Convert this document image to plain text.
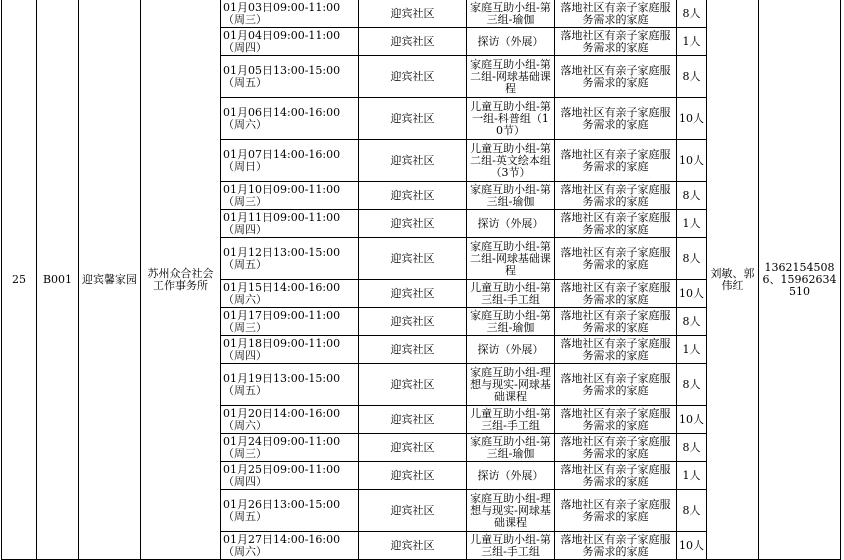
25	B001	迎宾馨家园	苏州众合社会工作事务所	01月03日09:00-11:00（周三）	迎宾社区	家庭互助小组-第三组-瑜伽	落地社区有亲子家庭服务需求的家庭	8人	刘敏、郭伟红	13621545086、15962634510
				01月04日09:00-11:00（周四）	迎宾社区	探访（外展）	落地社区有亲子家庭服务需求的家庭	1人		
				01月05日13:00-15:00（周五）	迎宾社区	家庭互助小组-第二组-网球基础课程	落地社区有亲子家庭服务需求的家庭	8人		
				01月06日14:00-16:00（周六）	迎宾社区	儿童互助小组-第一组-科普组（10节）	落地社区有亲子家庭服务需求的家庭	10人		
				01月07日14:00-16:00（周日）	迎宾社区	儿童互助小组-第二组-英文绘本组（3节）	落地社区有亲子家庭服务需求的家庭	10人		
				01月10日09:00-11:00（周三）	迎宾社区	家庭互助小组-第三组-瑜伽	落地社区有亲子家庭服务需求的家庭	8人		
				01月11日09:00-11:00（周四）	迎宾社区	探访（外展）	落地社区有亲子家庭服务需求的家庭	1人		
				01月12日13:00-15:00（周五）	迎宾社区	家庭互助小组-第二组-网球基础课程	落地社区有亲子家庭服务需求的家庭	8人		
				01月15日14:00-16:00（周六）	迎宾社区	儿童互助小组-第三组-手工组	落地社区有亲子家庭服务需求的家庭	10人		
				01月17日09:00-11:00（周三）	迎宾社区	家庭互助小组-第三组-瑜伽	落地社区有亲子家庭服务需求的家庭	8人		
				01月18日09:00-11:00（周四）	迎宾社区	探访（外展）	落地社区有亲子家庭服务需求的家庭	1人		
				01月19日13:00-15:00（周五）	迎宾社区	家庭互助小组-理想与现实-网球基础课程	落地社区有亲子家庭服务需求的家庭	8人		
				01月20日14:00-16:00（周六）	迎宾社区	儿童互助小组-第三组-手工组	落地社区有亲子家庭服务需求的家庭	10人		
				01月24日09:00-11:00（周三）	迎宾社区	家庭互助小组-第三组-瑜伽	落地社区有亲子家庭服务需求的家庭	8人		
				01月25日09:00-11:00（周四）	迎宾社区	探访（外展）	落地社区有亲子家庭服务需求的家庭	1人		
				01月26日13:00-15:00（周五）	迎宾社区	家庭互助小组-理想与现实-网球基础课程	落地社区有亲子家庭服务需求的家庭	8人		
				01月27日14:00-16:00（周六）	迎宾社区	儿童互助小组-第三组-手工组	落地社区有亲子家庭服务需求的家庭	10人		
